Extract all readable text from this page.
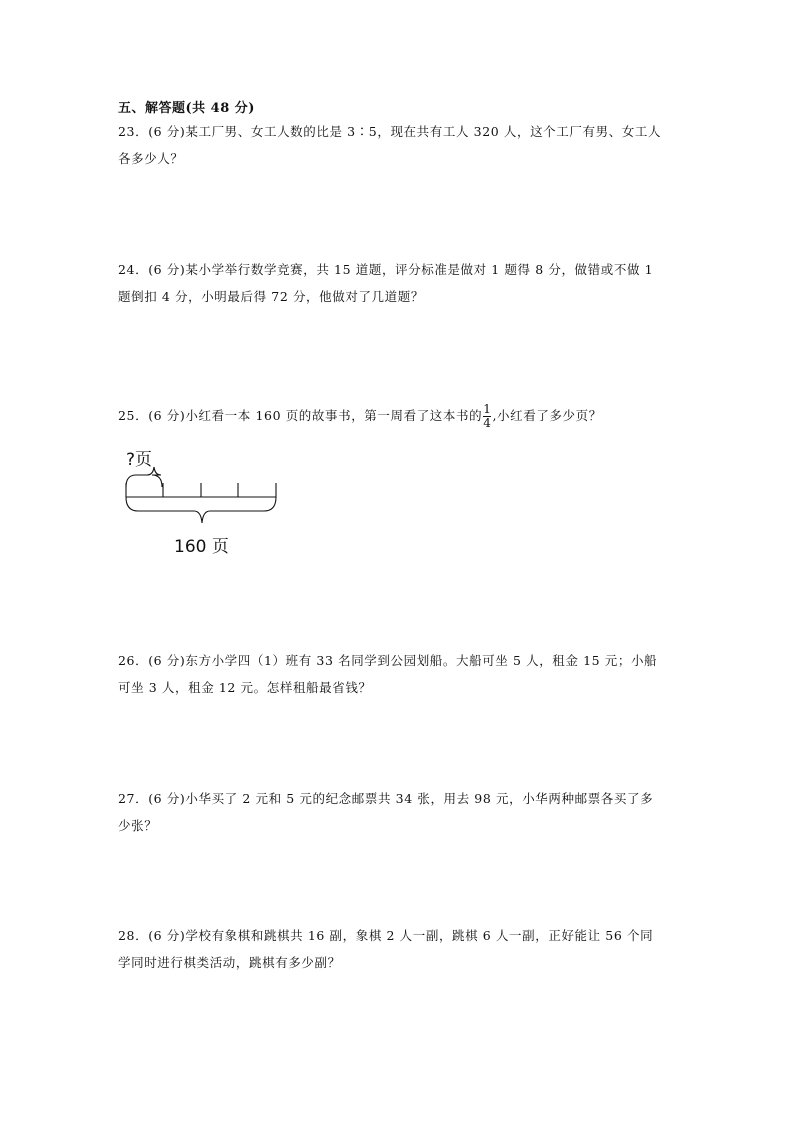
五、解答题(共 48 分)
23．(6 分)某工厂男、女工人数的比是 3∶5，现在共有工人 320 人，这个工厂有男、女工人
各多少人？
24．(6 分)某小学举行数学竞赛，共 15 道题，评分标准是做对 1 题得 8 分，做错或不做 1
题倒扣 4 分，小明最后得 72 分，他做对了几道题？
25．(6 分)小红看一本 160 页的故事书，第一周看了这本书的 $\frac{1}{4}$ ,小红看了多少页？
?页
160 页
26．(6 分)东方小学四（1）班有 33 名同学到公园划船。大船可坐 5 人，租金 15 元；小船
可坐 3 人，租金 12 元。怎样租船最省钱？
27．(6 分)小华买了 2 元和 5 元的纪念邮票共 34 张，用去 98 元，小华两种邮票各买了多
少张？
28．(6 分)学校有象棋和跳棋共 16 副，象棋 2 人一副，跳棋 6 人一副，正好能让 56 个同
学同时进行棋类活动，跳棋有多少副？
